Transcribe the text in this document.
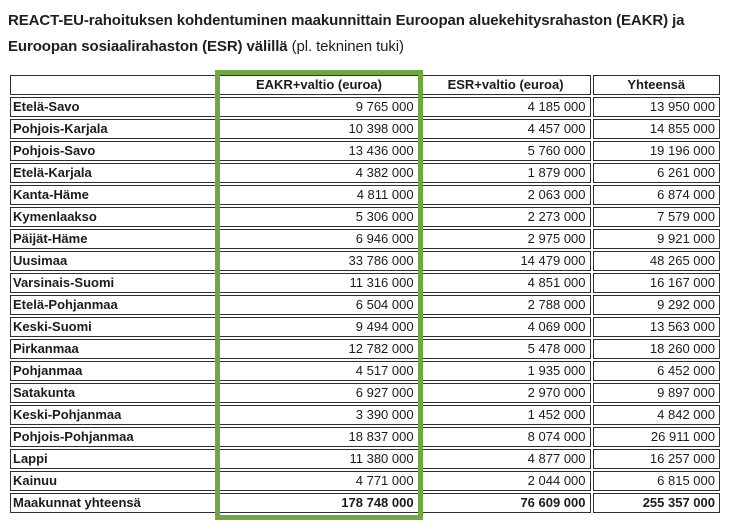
REACT-EU-rahoituksen kohdentuminen maakunnittain Euroopan aluekehitysrahaston (EAKR) ja Euroopan sosiaalirahaston (ESR) välillä (pl. tekninen tuki)
	EAKR+valtio (euroa)	ESR+valtio (euroa)	Yhteensä
Etelä-Savo	9 765 000	4 185 000	13 950 000
Pohjois-Karjala	10 398 000	4 457 000	14 855 000
Pohjois-Savo	13 436 000	5 760 000	19 196 000
Etelä-Karjala	4 382 000	1 879 000	6 261 000
Kanta-Häme	4 811 000	2 063 000	6 874 000
Kymenlaakso	5 306 000	2 273 000	7 579 000
Päijät-Häme	6 946 000	2 975 000	9 921 000
Uusimaa	33 786 000	14 479 000	48 265 000
Varsinais-Suomi	11 316 000	4 851 000	16 167 000
Etelä-Pohjanmaa	6 504 000	2 788 000	9 292 000
Keski-Suomi	9 494 000	4 069 000	13 563 000
Pirkanmaa	12 782 000	5 478 000	18 260 000
Pohjanmaa	4 517 000	1 935 000	6 452 000
Satakunta	6 927 000	2 970 000	9 897 000
Keski-Pohjanmaa	3 390 000	1 452 000	4 842 000
Pohjois-Pohjanmaa	18 837 000	8 074 000	26 911 000
Lappi	11 380 000	4 877 000	16 257 000
Kainuu	4 771 000	2 044 000	6 815 000
Maakunnat yhteensä	178 748 000	76 609 000	255 357 000
